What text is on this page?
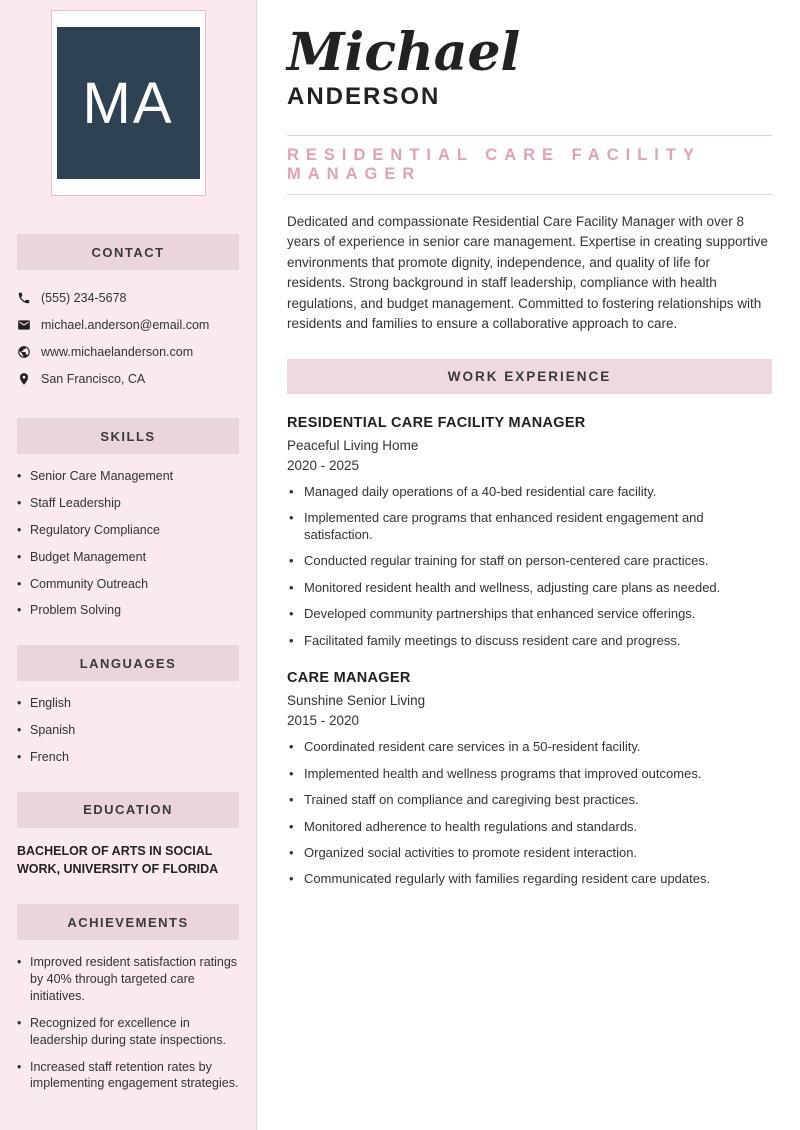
MA
CONTACT
(555) 234-5678
michael.anderson@email.com
www.michaelanderson.com
San Francisco, CA
SKILLS
• Senior Care Management
• Staff Leadership
• Regulatory Compliance
• Budget Management
• Community Outreach
• Problem Solving
LANGUAGES
• English
• Spanish
• French
EDUCATION
BACHELOR OF ARTS IN SOCIAL WORK, UNIVERSITY OF FLORIDA
ACHIEVEMENTS
• Improved resident satisfaction ratings by 40% through targeted care initiatives.
• Recognized for excellence in leadership during state inspections.
• Increased staff retention rates by implementing engagement strategies.
Michael
ANDERSON
RESIDENTIAL CARE FACILITY MANAGER

Dedicated and compassionate Residential Care Facility Manager with over 8 years of experience in senior care management. Expertise in creating supportive environments that promote dignity, independence, and quality of life for residents. Strong background in staff leadership, compliance with health regulations, and budget management. Committed to fostering relationships with residents and families to ensure a collaborative approach to care.

WORK EXPERIENCE
RESIDENTIAL CARE FACILITY MANAGER
Peaceful Living Home
2020 - 2025
• Managed daily operations of a 40-bed residential care facility.
• Implemented care programs that enhanced resident engagement and satisfaction.
• Conducted regular training for staff on person-centered care practices.
• Monitored resident health and wellness, adjusting care plans as needed.
• Developed community partnerships that enhanced service offerings.
• Facilitated family meetings to discuss resident care and progress.
CARE MANAGER
Sunshine Senior Living
2015 - 2020
• Coordinated resident care services in a 50-resident facility.
• Implemented health and wellness programs that improved outcomes.
• Trained staff on compliance and caregiving best practices.
• Monitored adherence to health regulations and standards.
• Organized social activities to promote resident interaction.
• Communicated regularly with families regarding resident care updates.
